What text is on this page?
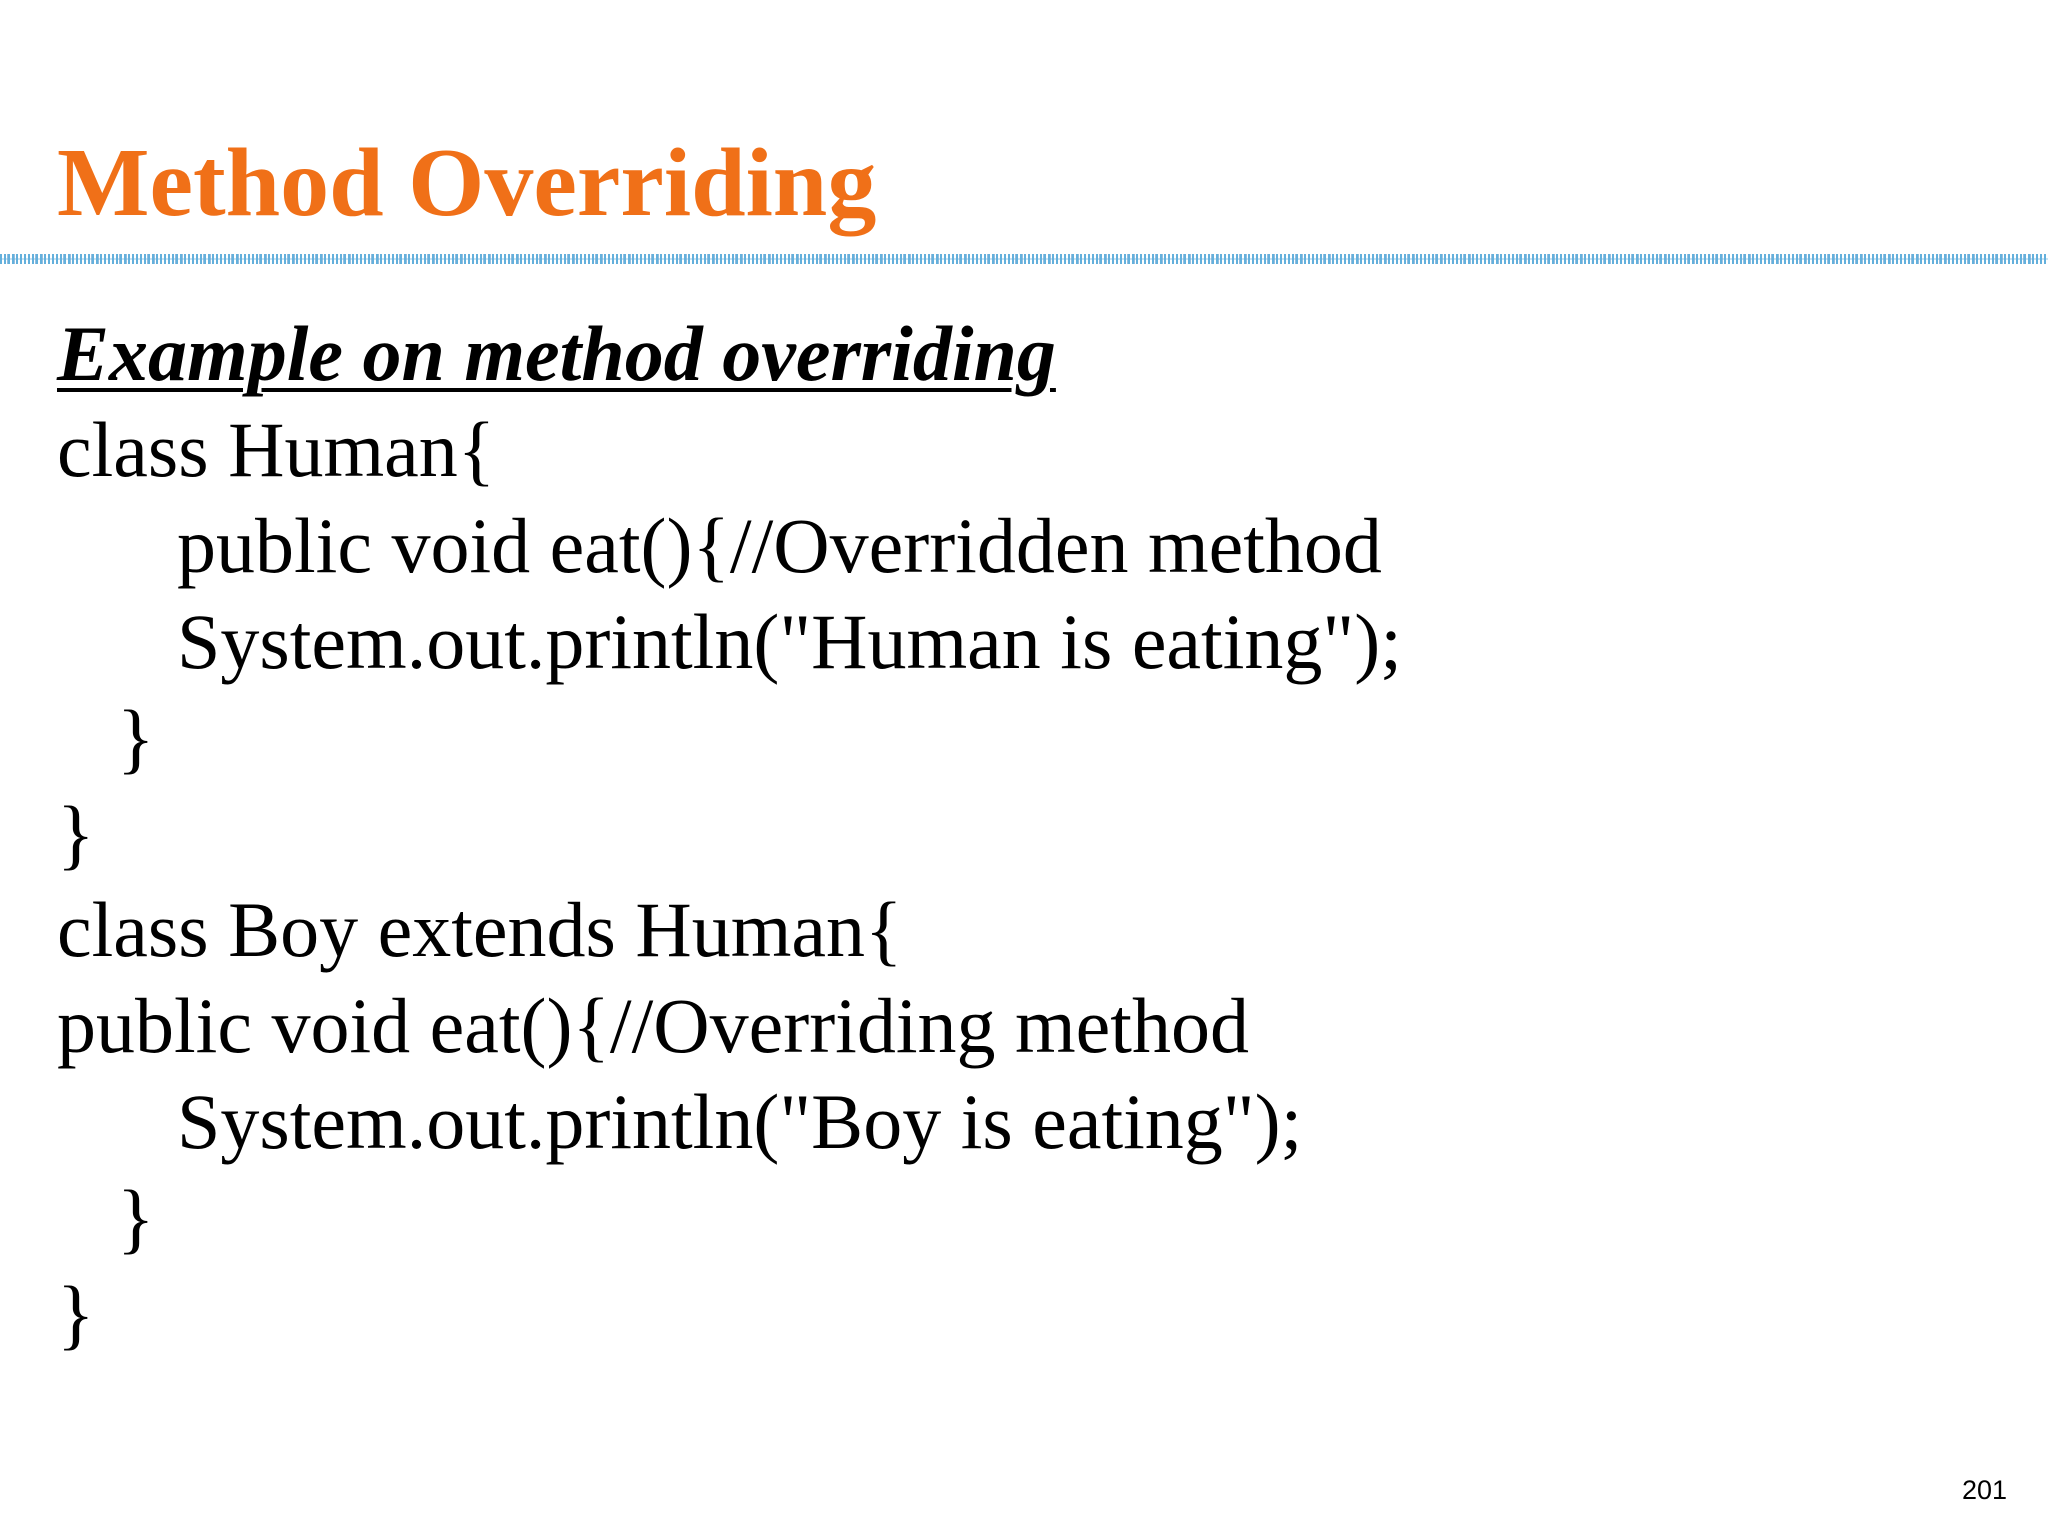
Method Overriding
Example on method overriding
class Human{
public void eat(){//Overridden method
System.out.println("Human is eating");
}
}
class Boy extends Human{
public void eat(){//Overriding method
System.out.println("Boy is eating");
}
}
201
